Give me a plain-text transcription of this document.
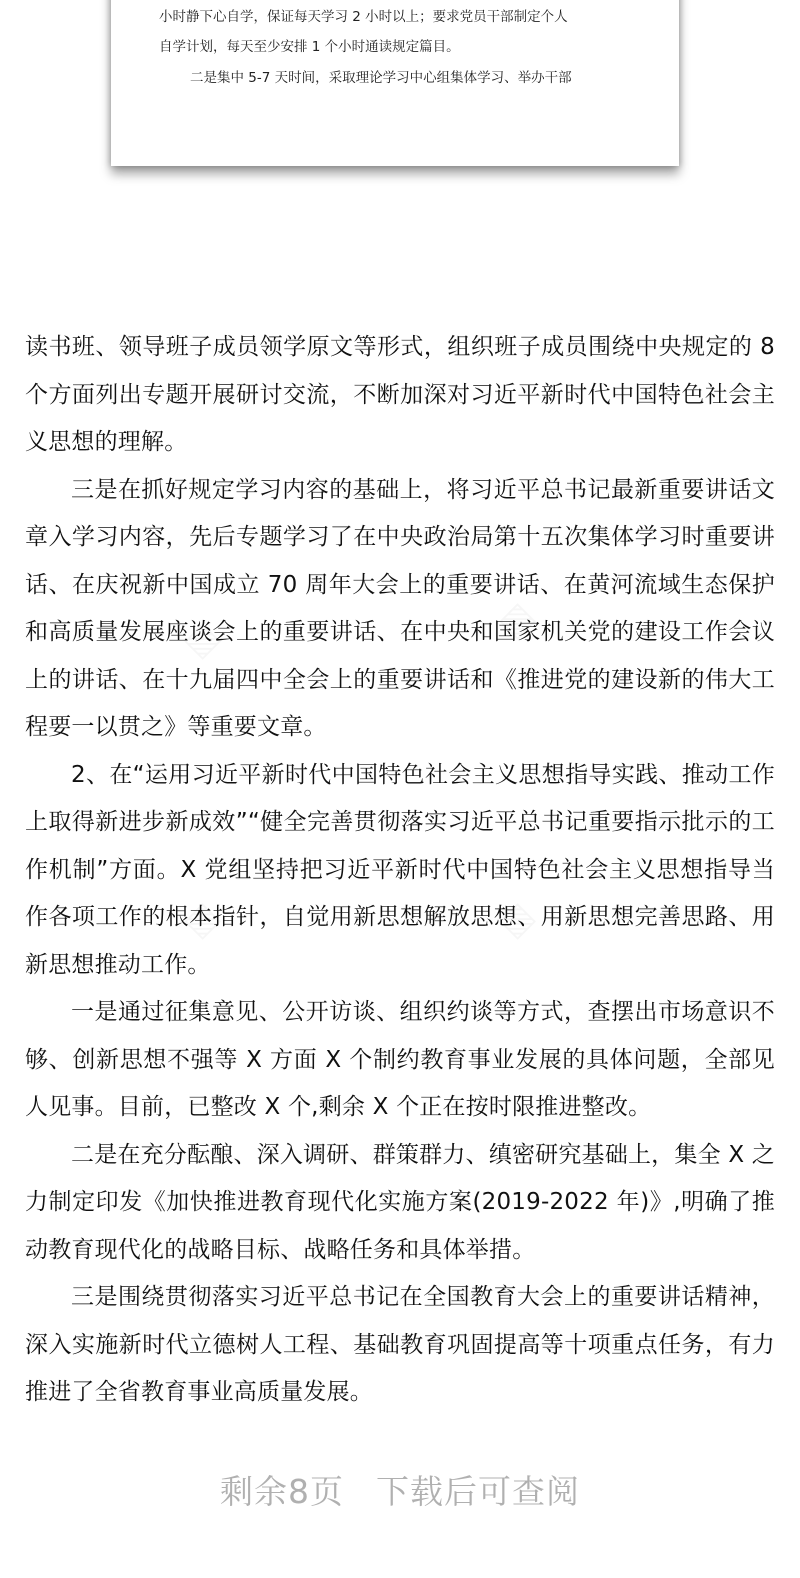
小时静下心自学，保证每天学习 2 小时以上；要求党员干部制定个人
自学计划，每天至少安排 1 个小时通读规定篇目。
二是集中 5-7 天时间，采取理论学习中心组集体学习、举办干部

读书班、领导班子成员领学原文等形式，组织班子成员围绕中央规定的 8 个方面列出专题开展研讨交流，不断加深对习近平新时代中国特色社会主义思想的理解。

三是在抓好规定学习内容的基础上，将习近平总书记最新重要讲话文章入学习内容，先后专题学习了在中央政治局第十五次集体学习时重要讲话、在庆祝新中国成立 70 周年大会上的重要讲话、在黄河流域生态保护和高质量发展座谈会上的重要讲话、在中央和国家机关党的建设工作会议上的讲话、在十九届四中全会上的重要讲话和《推进党的建设新的伟大工程要一以贯之》等重要文章。

2、在“运用习近平新时代中国特色社会主义思想指导实践、推动工作上取得新进步新成效”“健全完善贯彻落实习近平总书记重要指示批示的工作机制”方面。X 党组坚持把习近平新时代中国特色社会主义思想指导当作各项工作的根本指针，自觉用新思想解放思想、用新思想完善思路、用新思想推动工作。

一是通过征集意见、公开访谈、组织约谈等方式，查摆出市场意识不够、创新思想不强等 X 方面 X 个制约教育事业发展的具体问题，全部见人见事。目前，已整改 X 个,剩余 X 个正在按时限推进整改。

二是在充分酝酿、深入调研、群策群力、缜密研究基础上，集全 X 之力制定印发《加快推进教育现代化实施方案(2019-2022 年)》,明确了推动教育现代化的战略目标、战略任务和具体举措。

三是围绕贯彻落实习近平总书记在全国教育大会上的重要讲话精神，深入实施新时代立德树人工程、基础教育巩固提高等十项重点任务，有力推进了全省教育事业高质量发展。

剩余8页 下载后可查阅
